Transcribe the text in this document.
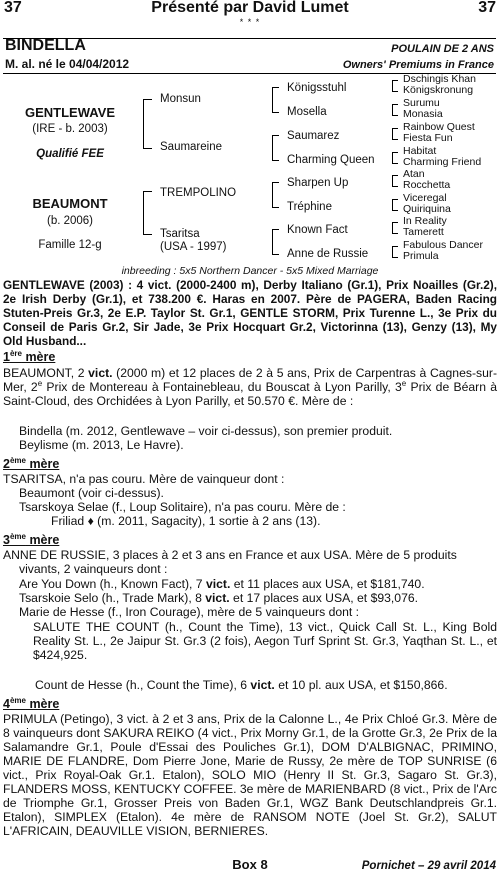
37	Présenté par David Lumet
* * *
37
BINDELLA
M. al. né le 04/04/2012
POULAIN DE 2 ANS
Owners' Premiums in France
GENTLEWAVE
(IRE - b. 2003)
Qualifié FEE
BEAUMONT
(b. 2006)
Famille 12-g
Monsun
Saumareine
TREMPOLINO
Tsaritsa
(USA - 1997)
Königsstuhl
Mosella
Saumarez
Charming Queen
Sharpen Up
Tréphine
Known Fact
Anne de Russie
Dschingis Khan
Königskronung
Surumu
Monasia
Rainbow Quest
Fiesta Fun
Habitat
Charming Friend
Atan
Rocchetta
Viceregal
Quiriquina
In Reality
Tamerett
Fabulous Dancer
Primula
inbreeding : 5x5 Northern Dancer - 5x5 Mixed Marriage
GENTLEWAVE (2003) : 4 vict. (2000-2400 m), Derby Italiano (Gr.1), Prix Noailles (Gr.2), 2e Irish Derby (Gr.1), et 738.200 €. Haras en 2007. Père de PAGERA, Baden Racing Stuten-Preis Gr.3, 2e E.P. Taylor St. Gr.1, GENTLE STORM, Prix Turenne L., 3e Prix du Conseil de Paris Gr.2, Sir Jade, 3e Prix Hocquart Gr.2, Victorinna (13), Genzy (13), My Old Husband...
1ère mère
BEAUMONT, 2 vict. (2000 m) et 12 places de 2 à 5 ans, Prix de Carpentras à Cagnes-sur-Mer, 2e Prix de Montereau à Fontainebleau, du Bouscat à Lyon Parilly, 3e Prix de Béarn à Saint-Cloud, des Orchidées à Lyon Parilly, et 50.570 €. Mère de :
Bindella (m. 2012, Gentlewave – voir ci-dessus), son premier produit.
Beylisme (m. 2013, Le Havre).
2ème mère
TSARITSA, n'a pas couru. Mère de vainqueur dont :
Beaumont (voir ci-dessus).
Tsarskoya Selae (f., Loup Solitaire), n'a pas couru. Mère de :
Friliad ♦ (m. 2011, Sagacity), 1 sortie à 2 ans (13).
3ème mère
ANNE DE RUSSIE, 3 places à 2 et 3 ans en France et aux USA. Mère de 5 produits vivants, 2 vainqueurs dont :
Are You Down (h., Known Fact), 7 vict. et 11 places aux USA, et $181,740.
Tsarskoie Selo (h., Trade Mark), 8 vict. et 17 places aux USA, et $93,076.
Marie de Hesse (f., Iron Courage), mère de 5 vainqueurs dont :
SALUTE THE COUNT (h., Count the Time), 13 vict., Quick Call St. L., King Bold Reality St. L., 2e Jaipur St. Gr.3 (2 fois), Aegon Turf Sprint St. Gr.3, Yaqthan St. L., et $424,925.
Count de Hesse (h., Count the Time), 6 vict. et 10 pl. aux USA, et $150,866.
4ème mère
PRIMULA (Petingo), 3 vict. à 2 et 3 ans, Prix de la Calonne L., 4e Prix Chloé Gr.3. Mère de 8 vainqueurs dont SAKURA REIKO (4 vict., Prix Morny Gr.1, de la Grotte Gr.3, 2e Prix de la Salamandre Gr.1, Poule d'Essai des Pouliches Gr.1), DOM D'ALBIGNAC, PRIMINO, MARIE DE FLANDRE, Dom Pierre Jone, Marie de Russy, 2e mère de TOP SUNRISE (6 vict., Prix Royal-Oak Gr.1. Etalon), SOLO MIO (Henry II St. Gr.3, Sagaro St. Gr.3), FLANDERS MOSS, KENTUCKY COFFEE. 3e mère de MARIENBARD (8 vict., Prix de l'Arc de Triomphe Gr.1, Grosser Preis von Baden Gr.1, WGZ Bank Deutschlandpreis Gr.1. Etalon), SIMPLEX (Etalon). 4e mère de RANSOM NOTE (Joel St. Gr.2), SALUT L'AFRICAIN, DEAUVILLE VISION, BERNIERES.
Box 8	Pornichet – 29 avril 2014
